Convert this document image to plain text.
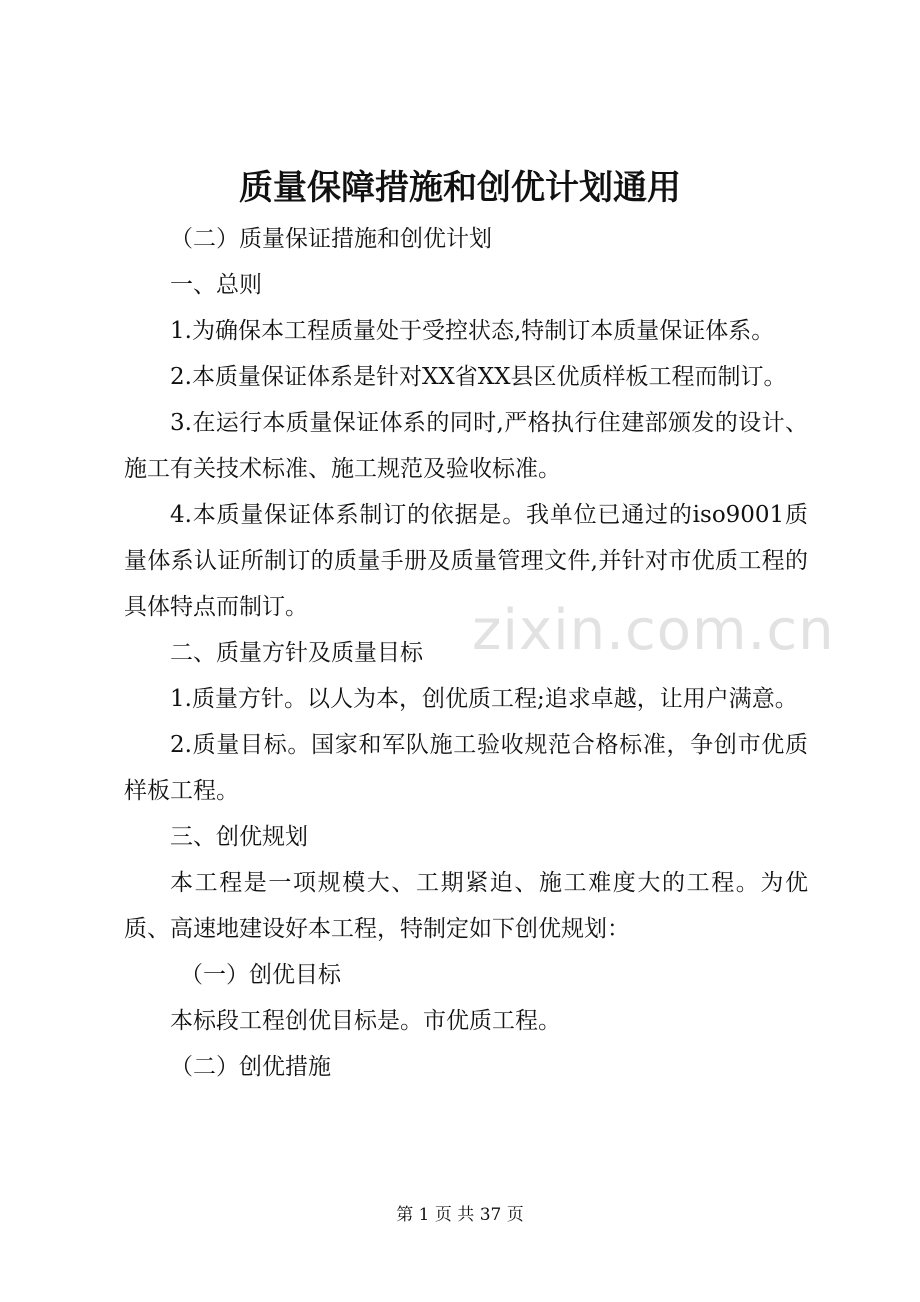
质量保障措施和创优计划通用

（二）质量保证措施和创优计划

一、总则

1.为确保本工程质量处于受控状态,特制订本质量保证体系。

2.本质量保证体系是针对XX省XX县区优质样板工程而制订。

3.在运行本质量保证体系的同时,严格执行住建部颁发的设计、施工有关技术标准、施工规范及验收标准。

4.本质量保证体系制订的依据是。我单位已通过的iso9001质量体系认证所制订的质量手册及质量管理文件,并针对市优质工程的具体特点而制订。

二、质量方针及质量目标

1.质量方针。以人为本，创优质工程;追求卓越，让用户满意。

2.质量目标。国家和军队施工验收规范合格标准，争创市优质样板工程。

三、创优规划

本工程是一项规模大、工期紧迫、施工难度大的工程。为优质、高速地建设好本工程，特制定如下创优规划：

（一）创优目标

本标段工程创优目标是。市优质工程。

（二）创优措施

zixin.com.cn
第 1 页 共 37 页
